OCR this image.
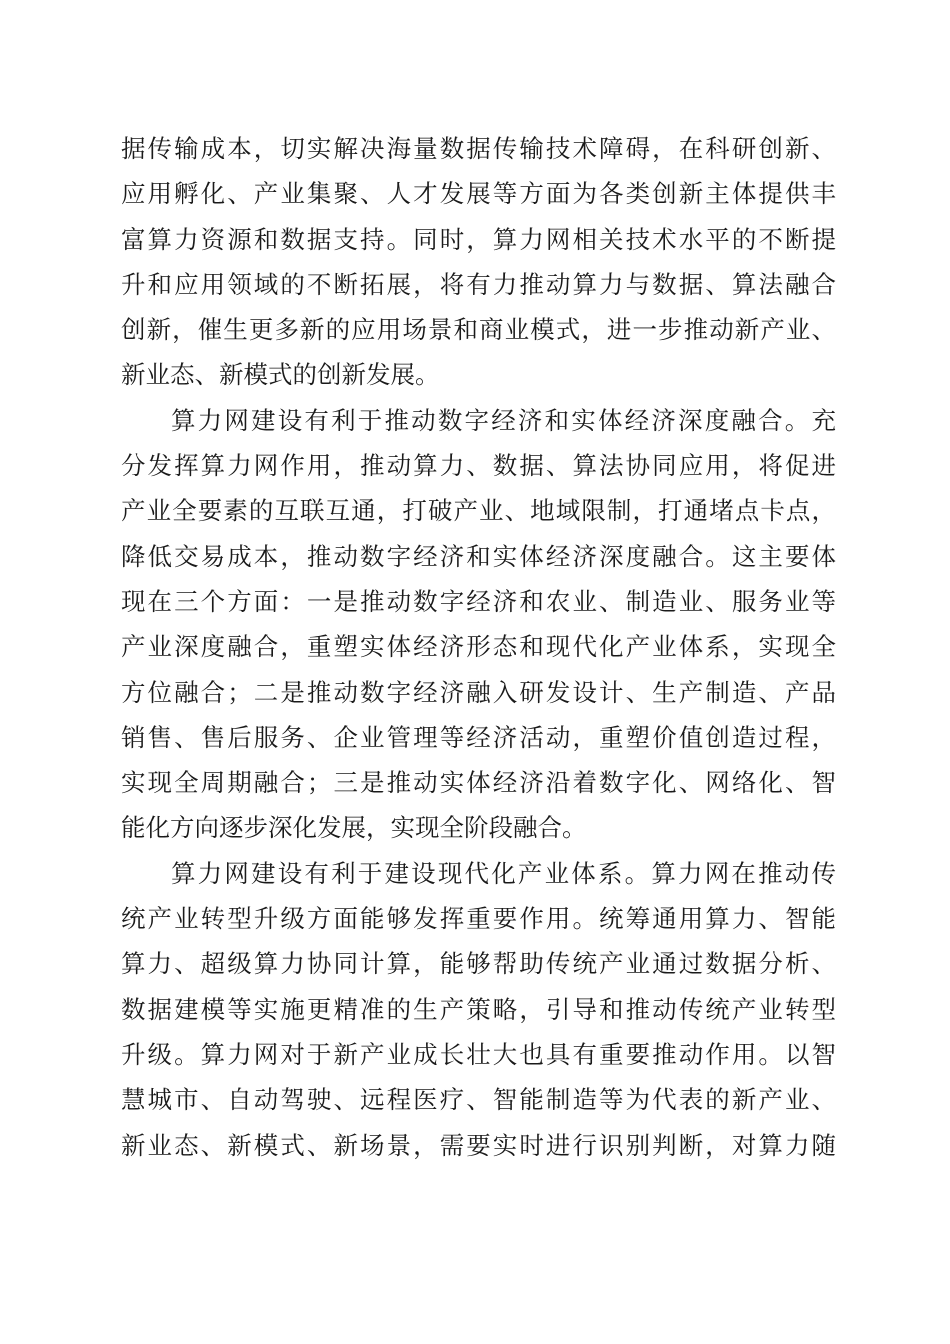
据传输成本，切实解决海量数据传输技术障碍，在科研创新、
应用孵化、产业集聚、人才发展等方面为各类创新主体提供丰
富算力资源和数据支持。同时，算力网相关技术水平的不断提
升和应用领域的不断拓展，将有力推动算力与数据、算法融合
创新，催生更多新的应用场景和商业模式，进一步推动新产业、
新业态、新模式的创新发展。
算力网建设有利于推动数字经济和实体经济深度融合。充
分发挥算力网作用，推动算力、数据、算法协同应用，将促进
产业全要素的互联互通，打破产业、地域限制，打通堵点卡点，
降低交易成本，推动数字经济和实体经济深度融合。这主要体
现在三个方面：一是推动数字经济和农业、制造业、服务业等
产业深度融合，重塑实体经济形态和现代化产业体系，实现全
方位融合；二是推动数字经济融入研发设计、生产制造、产品
销售、售后服务、企业管理等经济活动，重塑价值创造过程，
实现全周期融合；三是推动实体经济沿着数字化、网络化、智
能化方向逐步深化发展，实现全阶段融合。
算力网建设有利于建设现代化产业体系。算力网在推动传
统产业转型升级方面能够发挥重要作用。统筹通用算力、智能
算力、超级算力协同计算，能够帮助传统产业通过数据分析、
数据建模等实施更精准的生产策略，引导和推动传统产业转型
升级。算力网对于新产业成长壮大也具有重要推动作用。以智
慧城市、自动驾驶、远程医疗、智能制造等为代表的新产业、
新业态、新模式、新场景，需要实时进行识别判断，对算力随
